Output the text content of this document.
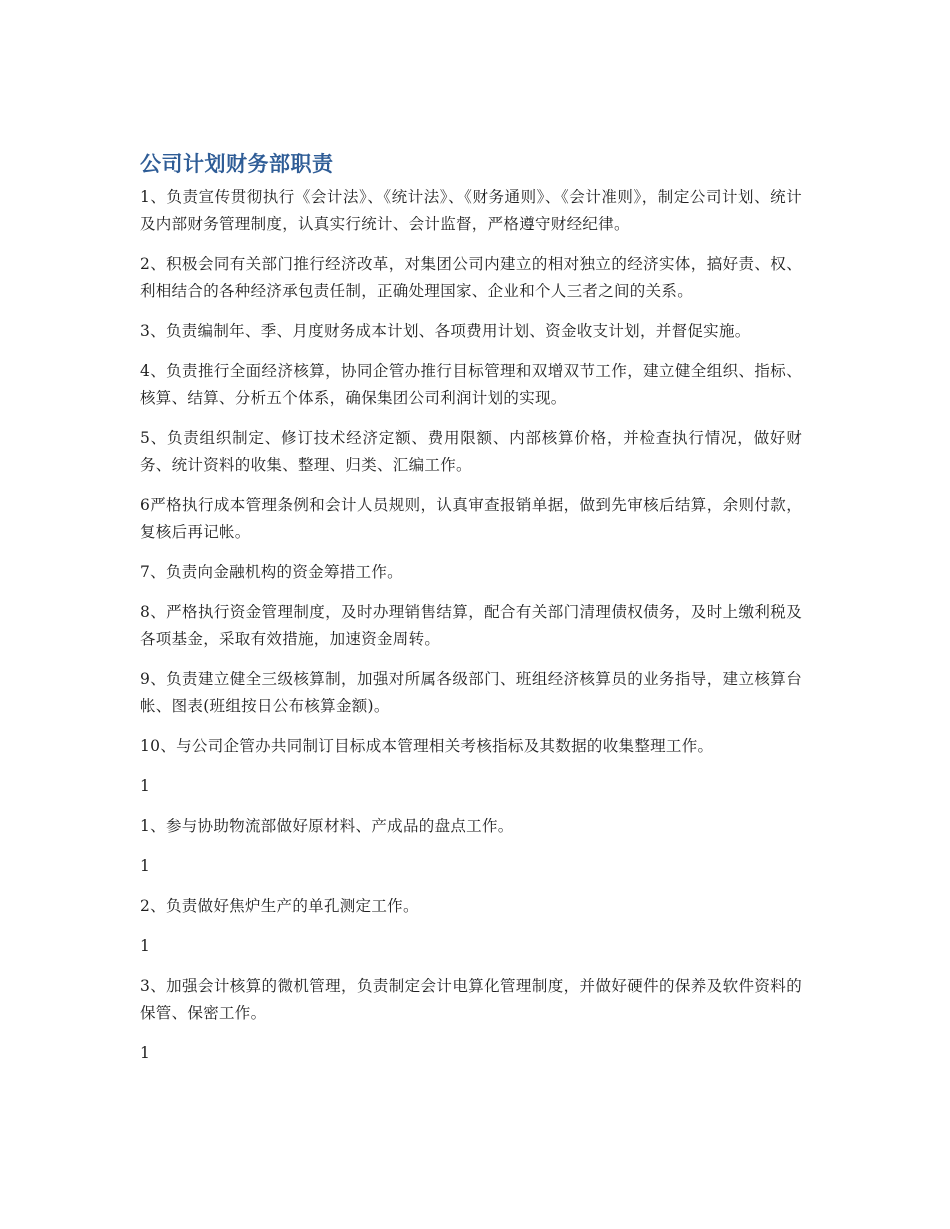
公司计划财务部职责

1、负责宣传贯彻执行《会计法》、《统计法》、《财务通则》、《会计准则》，制定公司计划、统计及内部财务管理制度，认真实行统计、会计监督，严格遵守财经纪律。

2、积极会同有关部门推行经济改革，对集团公司内建立的相对独立的经济实体，搞好责、权、利相结合的各种经济承包责任制，正确处理国家、企业和个人三者之间的关系。

3、负责编制年、季、月度财务成本计划、各项费用计划、资金收支计划，并督促实施。

4、负责推行全面经济核算，协同企管办推行目标管理和双增双节工作，建立健全组织、指标、核算、结算、分析五个体系，确保集团公司利润计划的实现。

5、负责组织制定、修订技术经济定额、费用限额、内部核算价格，并检查执行情况，做好财务、统计资料的收集、整理、归类、汇编工作。

6严格执行成本管理条例和会计人员规则，认真审查报销单据，做到先审核后结算，余则付款，复核后再记帐。

7、负责向金融机构的资金筹措工作。

8、严格执行资金管理制度，及时办理销售结算，配合有关部门清理债权债务，及时上缴利税及各项基金，采取有效措施，加速资金周转。

9、负责建立健全三级核算制，加强对所属各级部门、班组经济核算员的业务指导，建立核算台帐、图表(班组按日公布核算金额)。

10、与公司企管办共同制订目标成本管理相关考核指标及其数据的收集整理工作。

1

1、参与协助物流部做好原材料、产成品的盘点工作。

1

2、负责做好焦炉生产的单孔测定工作。

1

3、加强会计核算的微机管理，负责制定会计电算化管理制度，并做好硬件的保养及软件资料的保管、保密工作。

1
